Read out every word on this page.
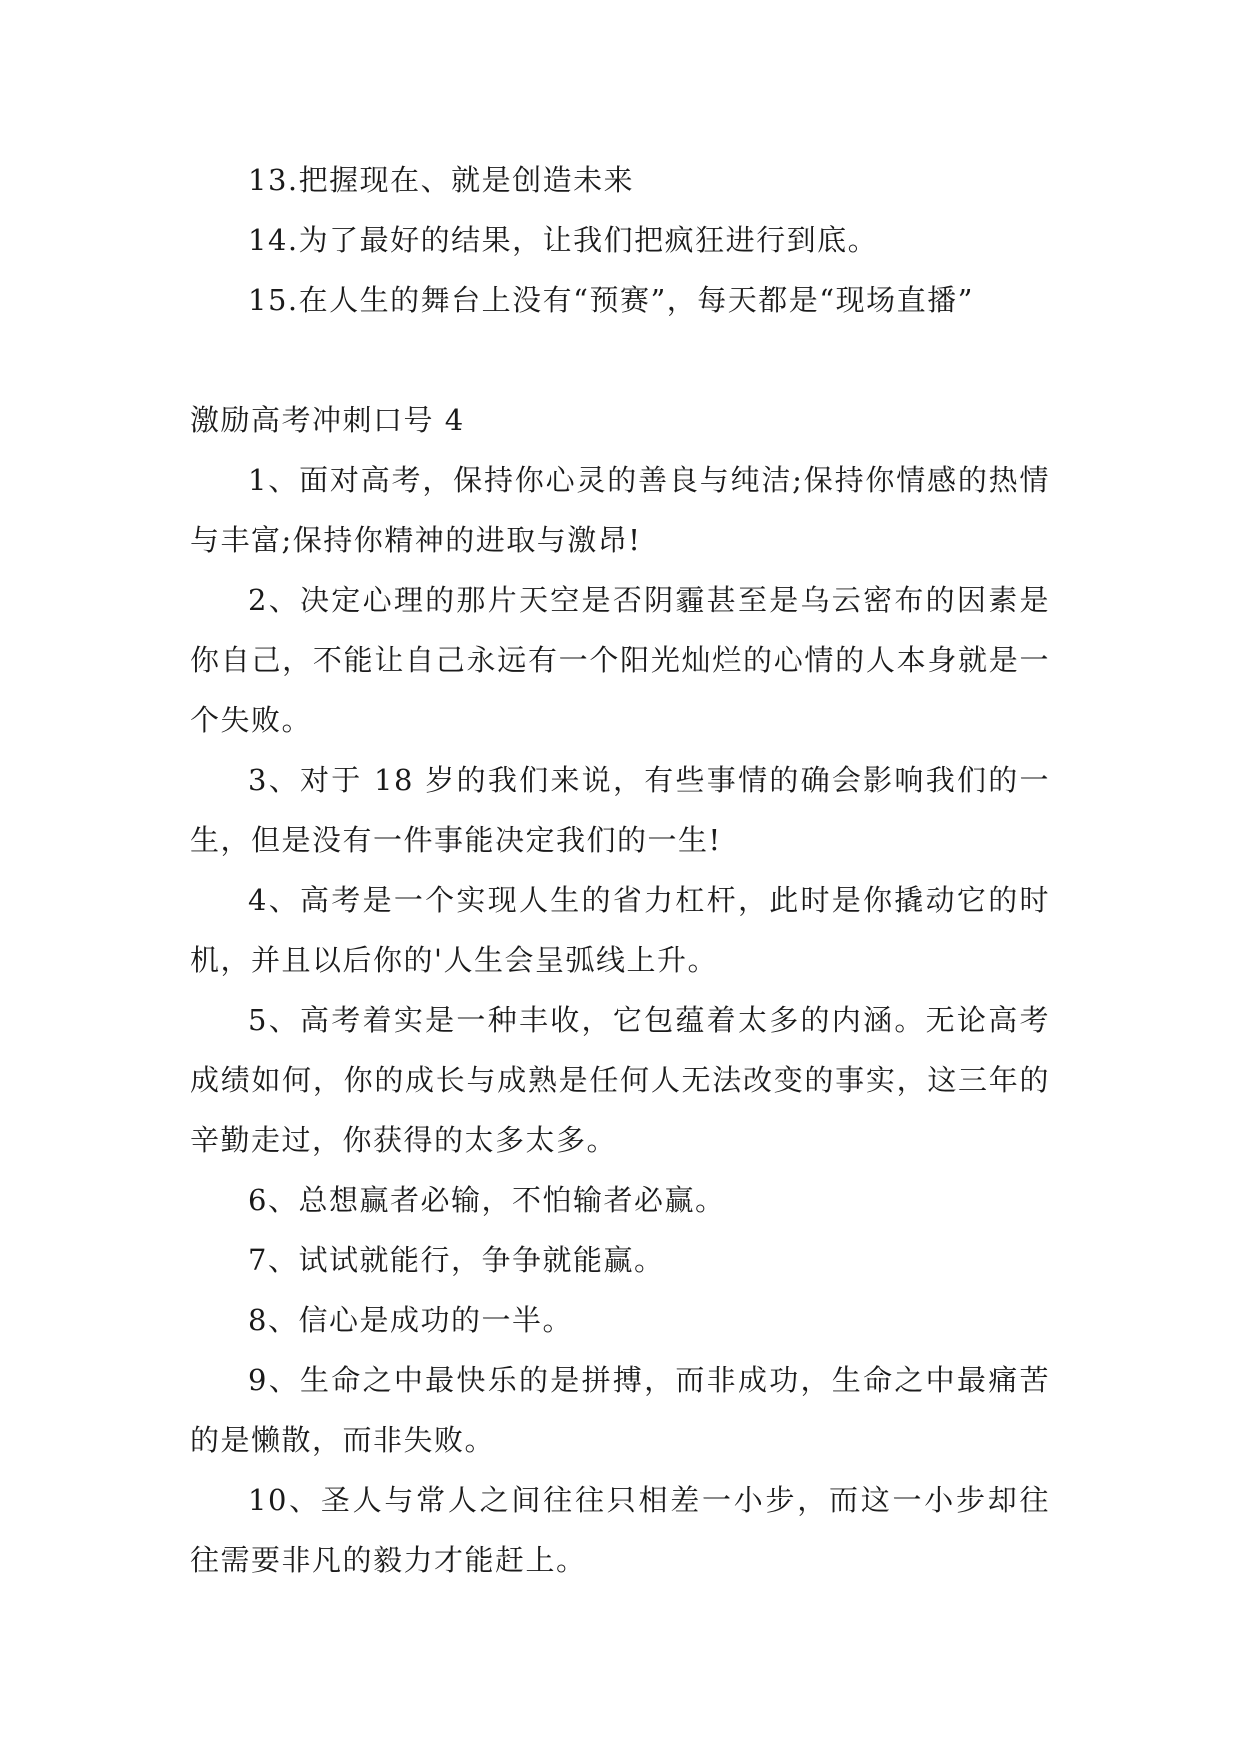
13.把握现在、就是创造未来

14.为了最好的结果，让我们把疯狂进行到底。

15.在人生的舞台上没有“预赛”，每天都是“现场直播”

激励高考冲刺口号 4

1、面对高考，保持你心灵的善良与纯洁;保持你情感的热情与丰富;保持你精神的进取与激昂!

2、决定心理的那片天空是否阴霾甚至是乌云密布的因素是你自己，不能让自己永远有一个阳光灿烂的心情的人本身就是一个失败。

3、对于 18 岁的我们来说，有些事情的确会影响我们的一生，但是没有一件事能决定我们的一生!

4、高考是一个实现人生的省力杠杆，此时是你撬动它的时机，并且以后你的'人生会呈弧线上升。

5、高考着实是一种丰收，它包蕴着太多的内涵。无论高考成绩如何，你的成长与成熟是任何人无法改变的事实，这三年的辛勤走过，你获得的太多太多。

6、总想赢者必输，不怕输者必赢。

7、试试就能行，争争就能赢。

8、信心是成功的一半。

9、生命之中最快乐的是拼搏，而非成功，生命之中最痛苦的是懒散，而非失败。

10、圣人与常人之间往往只相差一小步，而这一小步却往往需要非凡的毅力才能赶上。
